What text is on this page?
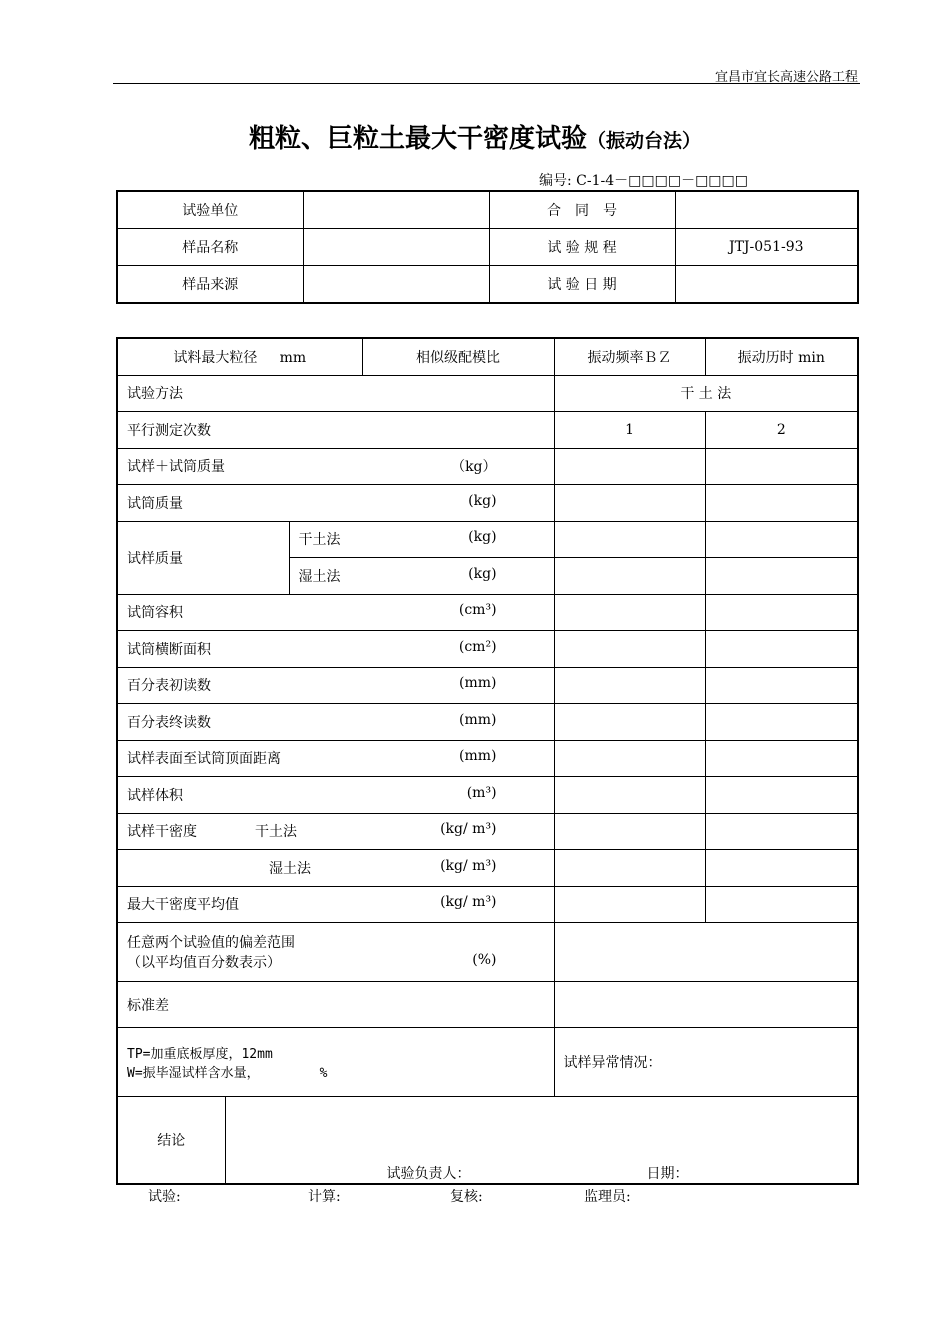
宜昌市宜长高速公路工程
粗粒、巨粒土最大干密度试验（振动台法）
编号: C-1-4－□□□□－□□□□
试验单位		合　同　号	
样品名称		试 验 规 程	JTJ-051-93
样品来源		试 验 日 期	
试料最大粒径 mm			相似级配模比	振动频率ＢＺ	振动历时 min
试验方法				干 土 法	
平行测定次数				1	2
试样＋试筒质量 （kg）					

试筒质量 (kg)					

试样质量		干土法 (kg)			

		湿土法 (kg)			

试筒容积 (cm³)					

试筒横断面积 (cm²)					

百分表初读数 (mm)					

百分表终读数 (mm)					

试样表面至试筒顶面距离 (mm)					

试样体积 (m³)					

试样干密度 干土法 (kg/ m³)					

湿土法 (kg/ m³)					

最大干密度平均值 (kg/ m³)					

任意两个试验值的偏差范围
（以平均值百分数表示） (%)					

标准差					

TP=加重底板厚度，12mm
W=振毕湿试样含水量， %				试样异常情况：	
结论	试验负责人： 日期：				
试验:	计算:	复核:	监理员:
